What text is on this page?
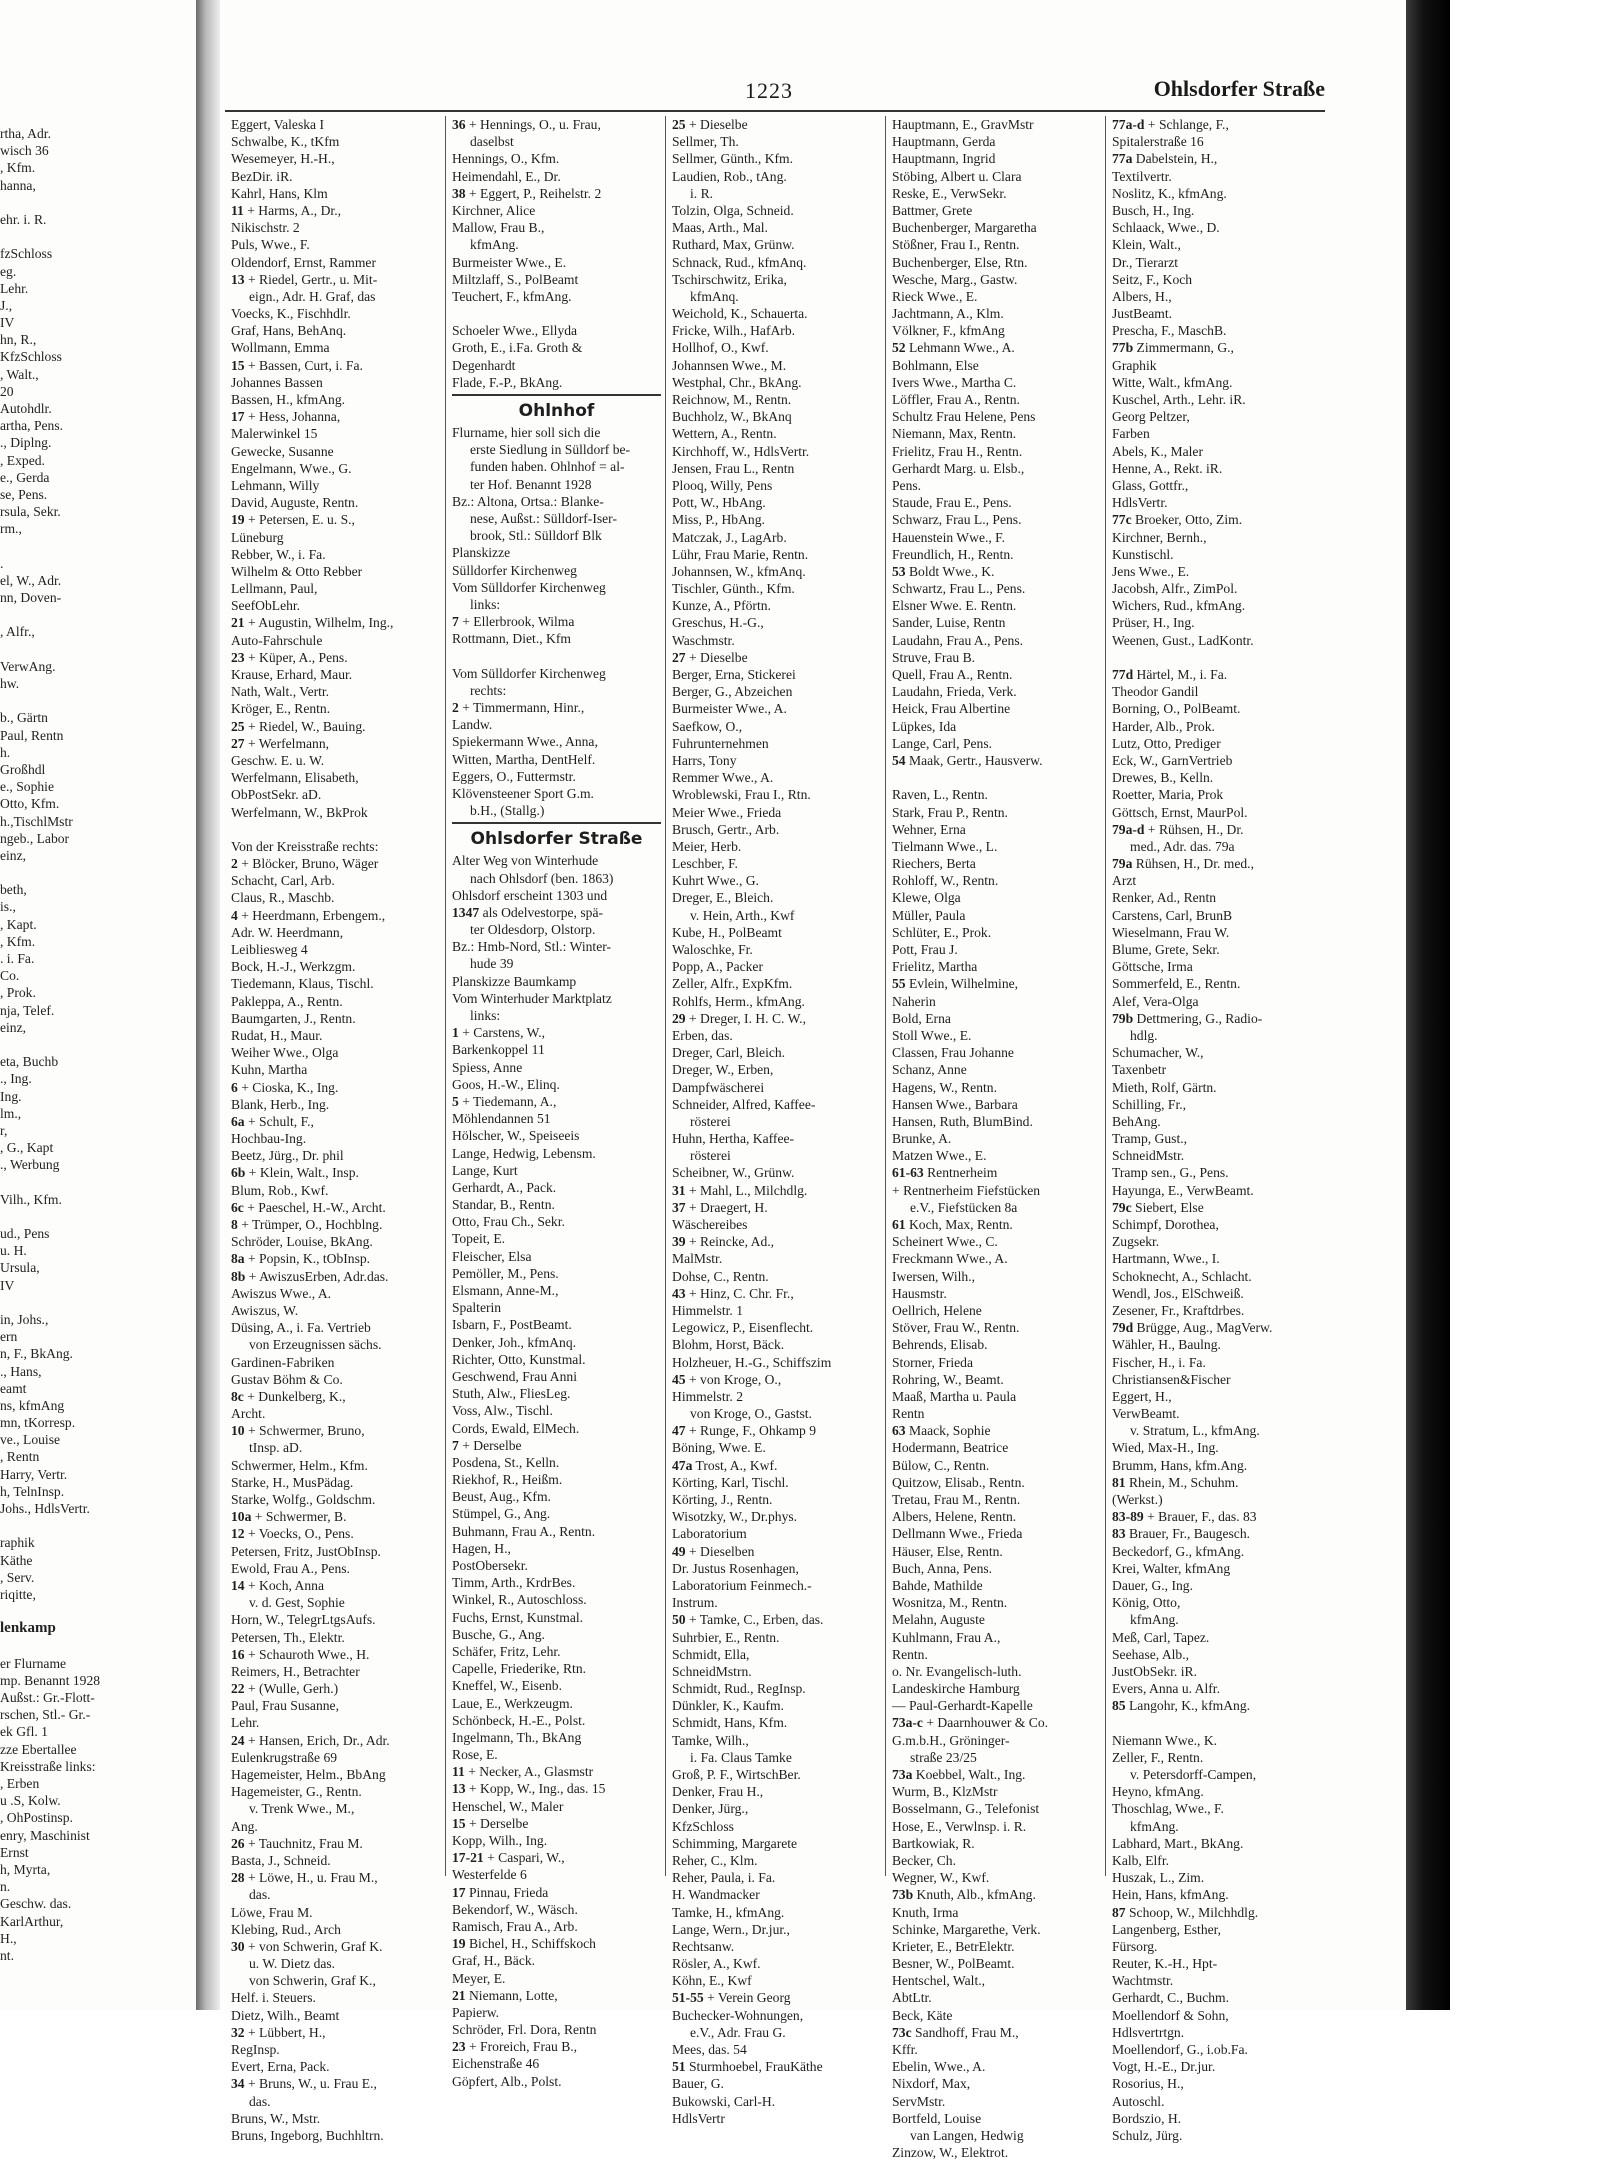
rtha, Adr.
wisch 36
, Kfm.
hanna,
ehr. i. R.
fzSchloss
eg.
Lehr.
J.,
IV
hn, R.,
KfzSchloss
, Walt.,
20
Autohdlr.
artha, Pens.
., Diplng.
, Exped.
e., Gerda
se, Pens.
rsula, Sekr.
rm.,
.
el, W., Adr.
nn, Doven-
, Alfr.,
VerwAng.
hw.
b., Gärtn
Paul, Rentn
h.
Großhdl
e., Sophie
Otto, Kfm.
h.,TischlMstr
ngeb., Labor
einz,
beth,
is.,
, Kapt.
, Kfm.
. i. Fa.
Co.
, Prok.
nja, Telef.
einz,
eta, Buchb
., Ing.
Ing.
lm.,
r,
, G., Kapt
., Werbung
Vilh., Kfm.
ud., Pens
u. H.
Ursula,
IV
in, Johs.,
ern
n, F., BkAng.
., Hans,
eamt
ns, kfmAng
mn, tKorresp.
ve., Louise
, Rentn
Harry, Vertr.
h, TelnInsp.
Johs., HdlsVertr.
raphik
Käthe
, Serv.
riqitte,
lenkamp
er Flurname
mp. Benannt 1928
Außst.: Gr.-Flott-
rschen, Stl.- Gr.-
ek Gfl. 1
zze Ebertallee
Kreisstraße links:
, Erben
u .S, Kolw.
, OhPostinsp.
enry, Maschinist
Ernst
h, Myrta,
n.
Geschw. das.
KarlArthur,
H.,
nt.
1223	Ohlsdorfer Straße
Eggert, Valeska I
Schwalbe, K., tKfm
Wesemeyer, H.-H.,
BezDir. iR.
Kahrl, Hans, Klm
11 + Harms, A., Dr.,
Nikischstr. 2
Puls, Wwe., F.
Oldendorf, Ernst, Rammer
13 + Riedel, Gertr., u. Mit-
eign., Adr. H. Graf, das
Voecks, K., Fischhdlr.
Graf, Hans, BehAnq.
Wollmann, Emma
15 + Bassen, Curt, i. Fa.
Johannes Bassen
Bassen, H., kfmAng.
17 + Hess, Johanna,
Malerwinkel 15
Gewecke, Susanne
Engelmann, Wwe., G.
Lehmann, Willy
David, Auguste, Rentn.
19 + Petersen, E. u. S.,
Lüneburg
Rebber, W., i. Fa.
Wilhelm & Otto Rebber
Lellmann, Paul,
SeefObLehr.
21 + Augustin, Wilhelm, Ing.,
Auto-Fahrschule
23 + Küper, A., Pens.
Krause, Erhard, Maur.
Nath, Walt., Vertr.
Kröger, E., Rentn.
25 + Riedel, W., Bauing.
27 + Werfelmann,
Geschw. E. u. W.
Werfelmann, Elisabeth,
ObPostSekr. aD.
Werfelmann, W., BkProk
Von der Kreisstraße rechts:
2 + Blöcker, Bruno, Wäger
Schacht, Carl, Arb.
Claus, R., Maschb.
4 + Heerdmann, Erbengem.,
Adr. W. Heerdmann,
Leibliesweg 4
Bock, H.-J., Werkzgm.
Tiedemann, Klaus, Tischl.
Pakleppa, A., Rentn.
Baumgarten, J., Rentn.
Rudat, H., Maur.
Weiher Wwe., Olga
Kuhn, Martha
6 + Cioska, K., Ing.
Blank, Herb., Ing.
6a + Schult, F.,
Hochbau-Ing.
Beetz, Jürg., Dr. phil
6b + Klein, Walt., Insp.
Blum, Rob., Kwf.
6c + Paeschel, H.-W., Archt.
8 + Trümper, O., Hochblng.
Schröder, Louise, BkAng.
8a + Popsin, K., tObInsp.
8b + AwiszusErben, Adr.das.
Awiszus Wwe., A.
Awiszus, W.
Düsing, A., i. Fa. Vertrieb
von Erzeugnissen sächs.
Gardinen-Fabriken
Gustav Böhm & Co.
8c + Dunkelberg, K.,
Archt.
10 + Schwermer, Bruno,
tInsp. aD.
Schwermer, Helm., Kfm.
Starke, H., MusPädag.
Starke, Wolfg., Goldschm.
10a + Schwermer, B.
12 + Voecks, O., Pens.
Petersen, Fritz, JustObInsp.
Ewold, Frau A., Pens.
14 + Koch, Anna
v. d. Gest, Sophie
Horn, W., TelegrLtgsAufs.
Petersen, Th., Elektr.
16 + Schauroth Wwe., H.
Reimers, H., Betrachter
22 + (Wulle, Gerh.)
Paul, Frau Susanne,
Lehr.
24 + Hansen, Erich, Dr., Adr.
Eulenkrugstraße 69
Hagemeister, Helm., BbAng
Hagemeister, G., Rentn.
v. Trenk Wwe., M.,
Ang.
26 + Tauchnitz, Frau M.
Basta, J., Schneid.
28 + Löwe, H., u. Frau M.,
das.
Löwe, Frau M.
Klebing, Rud., Arch
30 + von Schwerin, Graf K.
u. W. Dietz das.
von Schwerin, Graf K.,
Helf. i. Steuers.
Dietz, Wilh., Beamt
32 + Lübbert, H.,
RegInsp.
Evert, Erna, Pack.
34 + Bruns, W., u. Frau E.,
das.
Bruns, W., Mstr.
Bruns, Ingeborg, Buchhltrn.
36 + Hennings, O., u. Frau,
daselbst
Hennings, O., Kfm.
Heimendahl, E., Dr.
38 + Eggert, P., Reihelstr. 2
Kirchner, Alice
Mallow, Frau B.,
kfmAng.
Burmeister Wwe., E.
Miltzlaff, S., PolBeamt
Teuchert, F., kfmAng.
Schoeler Wwe., Ellyda
Groth, E., i.Fa. Groth &
Degenhardt
Flade, F.-P., BkAng.
Ohlnhof
Flurname, hier soll sich die
erste Siedlung in Sülldorf be-
funden haben. Ohlnhof = al-
ter Hof. Benannt 1928
Bz.: Altona, Ortsa.: Blanke-
nese, Außst.: Sülldorf-Iser-
brook, Stl.: Sülldorf Blk
Planskizze
Sülldorfer Kirchenweg
Vom Sülldorfer Kirchenweg
links:
7 + Ellerbrook, Wilma
Rottmann, Diet., Kfm
Vom Sülldorfer Kirchenweg
rechts:
2 + Timmermann, Hinr.,
Landw.
Spiekermann Wwe., Anna,
Witten, Martha, DentHelf.
Eggers, O., Futtermstr.
Klövensteener Sport G.m.
b.H., (Stallg.)
Ohlsdorfer Straße
Alter Weg von Winterhude
nach Ohlsdorf (ben. 1863)
Ohlsdorf erscheint 1303 und
1347 als Odelvestorpe, spä-
ter Oldesdorp, Olstorp.
Bz.: Hmb-Nord, Stl.: Winter-
hude 39
Planskizze Baumkamp
Vom Winterhuder Marktplatz
links:
1 + Carstens, W.,
Barkenkoppel 11
Spiess, Anne
Goos, H.-W., Elinq.
5 + Tiedemann, A.,
Möhlendannen 51
Hölscher, W., Speiseeis
Lange, Hedwig, Lebensm.
Lange, Kurt
Gerhardt, A., Pack.
Standar, B., Rentn.
Otto, Frau Ch., Sekr.
Topeit, E.
Fleischer, Elsa
Pemöller, M., Pens.
Elsmann, Anne-M.,
Spalterin
Isbarn, F., PostBeamt.
Denker, Joh., kfmAnq.
Richter, Otto, Kunstmal.
Geschwend, Frau Anni
Stuth, Alw., FliesLeg.
Voss, Alw., Tischl.
Cords, Ewald, ElMech.
7 + Derselbe
Posdena, St., Kelln.
Riekhof, R., Heißm.
Beust, Aug., Kfm.
Stümpel, G., Ang.
Buhmann, Frau A., Rentn.
Hagen, H.,
PostObersekr.
Timm, Arth., KrdrBes.
Winkel, R., Autoschloss.
Fuchs, Ernst, Kunstmal.
Busche, G., Ang.
Schäfer, Fritz, Lehr.
Capelle, Friederike, Rtn.
Kneffel, W., Eisenb.
Laue, E., Werkzeugm.
Schönbeck, H.-E., Polst.
Ingelmann, Th., BkAng
Rose, E.
11 + Necker, A., Glasmstr
13 + Kopp, W., Ing., das. 15
Henschel, W., Maler
15 + Derselbe
Kopp, Wilh., Ing.
17-21 + Caspari, W.,
Westerfelde 6
17 Pinnau, Frieda
Bekendorf, W., Wäsch.
Ramisch, Frau A., Arb.
19 Bichel, H., Schiffskoch
Graf, H., Bäck.
Meyer, E.
21 Niemann, Lotte,
Papierw.
Schröder, Frl. Dora, Rentn
23 + Froreich, Frau B.,
Eichenstraße 46
Göpfert, Alb., Polst.
25 + Dieselbe
Sellmer, Th.
Sellmer, Günth., Kfm.
Laudien, Rob., tAng.
i. R.
Tolzin, Olga, Schneid.
Maas, Arth., Mal.
Ruthard, Max, Grünw.
Schnack, Rud., kfmAnq.
Tschirschwitz, Erika,
kfmAnq.
Weichold, K., Schauerta.
Fricke, Wilh., HafArb.
Hollhof, O., Kwf.
Johannsen Wwe., M.
Westphal, Chr., BkAng.
Reichnow, M., Rentn.
Buchholz, W., BkAnq
Wettern, A., Rentn.
Kirchhoff, W., HdlsVertr.
Jensen, Frau L., Rentn
Plooq, Willy, Pens
Pott, W., HbAng.
Miss, P., HbAng.
Matczak, J., LagArb.
Lühr, Frau Marie, Rentn.
Johannsen, W., kfmAnq.
Tischler, Günth., Kfm.
Kunze, A., Pförtn.
Greschus, H.-G.,
Waschmstr.
27 + Dieselbe
Berger, Erna, Stickerei
Berger, G., Abzeichen
Burmeister Wwe., A.
Saefkow, O.,
Fuhrunternehmen
Harrs, Tony
Remmer Wwe., A.
Wroblewski, Frau I., Rtn.
Meier Wwe., Frieda
Brusch, Gertr., Arb.
Meier, Herb.
Leschber, F.
Kuhrt Wwe., G.
Dreger, E., Bleich.
v. Hein, Arth., Kwf
Kube, H., PolBeamt
Waloschke, Fr.
Popp, A., Packer
Zeller, Alfr., ExpKfm.
Rohlfs, Herm., kfmAng.
29 + Dreger, I. H. C. W.,
Erben, das.
Dreger, Carl, Bleich.
Dreger, W., Erben,
Dampfwäscherei
Schneider, Alfred, Kaffee-
rösterei
Huhn, Hertha, Kaffee-
rösterei
Scheibner, W., Grünw.
31 + Mahl, L., Milchdlg.
37 + Draegert, H.
Wäschereibes
39 + Reincke, Ad.,
MalMstr.
Dohse, C., Rentn.
43 + Hinz, C. Chr. Fr.,
Himmelstr. 1
Legowicz, P., Eisenflecht.
Blohm, Horst, Bäck.
Holzheuer, H.-G., Schiffszim
45 + von Kroge, O.,
Himmelstr. 2
von Kroge, O., Gastst.
47 + Runge, F., Ohkamp 9
Böning, Wwe. E.
47a Trost, A., Kwf.
Körting, Karl, Tischl.
Körting, J., Rentn.
Wisotzky, W., Dr.phys.
Laboratorium
49 + Dieselben
Dr. Justus Rosenhagen,
Laboratorium Feinmech.-
Instrum.
50 + Tamke, C., Erben, das.
Suhrbier, E., Rentn.
Schmidt, Ella,
SchneidMstrn.
Schmidt, Rud., RegInsp.
Dünkler, K., Kaufm.
Schmidt, Hans, Kfm.
Tamke, Wilh.,
i. Fa. Claus Tamke
Groß, P. F., WirtschBer.
Denker, Frau H.,
Denker, Jürg.,
KfzSchloss
Schimming, Margarete
Reher, C., Klm.
Reher, Paula, i. Fa.
H. Wandmacker
Tamke, H., kfmAng.
Lange, Wern., Dr.jur.,
Rechtsanw.
Rösler, A., Kwf.
Köhn, E., Kwf
51-55 + Verein Georg
Buchecker-Wohnungen,
e.V., Adr. Frau G.
Mees, das. 54
51 Sturmhoebel, FrauKäthe
Bauer, G.
Bukowski, Carl-H.
HdlsVertr
Hauptmann, E., GravMstr
Hauptmann, Gerda
Hauptmann, Ingrid
Stöbing, Albert u. Clara
Reske, E., VerwSekr.
Battmer, Grete
Buchenberger, Margaretha
Stößner, Frau I., Rentn.
Buchenberger, Else, Rtn.
Wesche, Marg., Gastw.
Rieck Wwe., E.
Jachtmann, A., Klm.
Völkner, F., kfmAng
52 Lehmann Wwe., A.
Bohlmann, Else
Ivers Wwe., Martha C.
Löffler, Frau A., Rentn.
Schultz Frau Helene, Pens
Niemann, Max, Rentn.
Frielitz, Frau H., Rentn.
Gerhardt Marg. u. Elsb.,
Pens.
Staude, Frau E., Pens.
Schwarz, Frau L., Pens.
Hauenstein Wwe., F.
Freundlich, H., Rentn.
53 Boldt Wwe., K.
Schwartz, Frau L., Pens.
Elsner Wwe. E. Rentn.
Sander, Luise, Rentn
Laudahn, Frau A., Pens.
Struve, Frau B.
Quell, Frau A., Rentn.
Laudahn, Frieda, Verk.
Heick, Frau Albertine
Lüpkes, Ida
Lange, Carl, Pens.
54 Maak, Gertr., Hausverw.
Raven, L., Rentn.
Stark, Frau P., Rentn.
Wehner, Erna
Tielmann Wwe., L.
Riechers, Berta
Rohloff, W., Rentn.
Klewe, Olga
Müller, Paula
Schlüter, E., Prok.
Pott, Frau J.
Frielitz, Martha
55 Evlein, Wilhelmine,
Naherin
Bold, Erna
Stoll Wwe., E.
Classen, Frau Johanne
Schanz, Anne
Hagens, W., Rentn.
Hansen Wwe., Barbara
Hansen, Ruth, BlumBind.
Brunke, A.
Matzen Wwe., E.
61-63 Rentnerheim
+ Rentnerheim Fiefstücken
e.V., Fiefstücken 8a
61 Koch, Max, Rentn.
Scheinert Wwe., C.
Freckmann Wwe., A.
Iwersen, Wilh.,
Hausmstr.
Oellrich, Helene
Stöver, Frau W., Rentn.
Behrends, Elisab.
Storner, Frieda
Rohring, W., Beamt.
Maaß, Martha u. Paula
Rentn
63 Maack, Sophie
Hodermann, Beatrice
Bülow, C., Rentn.
Quitzow, Elisab., Rentn.
Tretau, Frau M., Rentn.
Albers, Helene, Rentn.
Dellmann Wwe., Frieda
Häuser, Else, Rentn.
Buch, Anna, Pens.
Bahde, Mathilde
Wosnitza, M., Rentn.
Melahn, Auguste
Kuhlmann, Frau A.,
Rentn.
o. Nr. Evangelisch-luth.
Landeskirche Hamburg
— Paul-Gerhardt-Kapelle
73a-c + Daarnhouwer & Co.
G.m.b.H., Gröninger-
straße 23/25
73a Koebbel, Walt., Ing.
Wurm, B., KlzMstr
Bosselmann, G., Telefonist
Hose, E., Verwlnsp. i. R.
Bartkowiak, R.
Becker, Ch.
Wegner, W., Kwf.
73b Knuth, Alb., kfmAng.
Knuth, Irma
Schinke, Margarethe, Verk.
Krieter, E., BetrElektr.
Besner, W., PolBeamt.
Hentschel, Walt.,
AbtLtr.
Beck, Käte
73c Sandhoff, Frau M.,
Kffr.
Ebelin, Wwe., A.
Nixdorf, Max,
ServMstr.
Bortfeld, Louise
van Langen, Hedwig
Zinzow, W., Elektrot.
77a-d + Schlange, F.,
Spitalerstraße 16
77a Dabelstein, H.,
Textilvertr.
Noslitz, K., kfmAng.
Busch, H., Ing.
Schlaack, Wwe., D.
Klein, Walt.,
Dr., Tierarzt
Seitz, F., Koch
Albers, H.,
JustBeamt.
Prescha, F., MaschB.
77b Zimmermann, G.,
Graphik
Witte, Walt., kfmAng.
Kuschel, Arth., Lehr. iR.
Georg Peltzer,
Farben
Abels, K., Maler
Henne, A., Rekt. iR.
Glass, Gottfr.,
HdlsVertr.
77c Broeker, Otto, Zim.
Kirchner, Bernh.,
Kunstischl.
Jens Wwe., E.
Jacobsh, Alfr., ZimPol.
Wichers, Rud., kfmAng.
Prüser, H., Ing.
Weenen, Gust., LadKontr.
77d Härtel, M., i. Fa.
Theodor Gandil
Borning, O., PolBeamt.
Harder, Alb., Prok.
Lutz, Otto, Prediger
Eck, W., GarnVertrieb
Drewes, B., Kelln.
Roetter, Maria, Prok
Göttsch, Ernst, MaurPol.
79a-d + Rühsen, H., Dr.
med., Adr. das. 79a
79a Rühsen, H., Dr. med.,
Arzt
Renker, Ad., Rentn
Carstens, Carl, BrunB
Wieselmann, Frau W.
Blume, Grete, Sekr.
Göttsche, Irma
Sommerfeld, E., Rentn.
Alef, Vera-Olga
79b Dettmering, G., Radio-
hdlg.
Schumacher, W.,
Taxenbetr
Mieth, Rolf, Gärtn.
Schilling, Fr.,
BehAng.
Tramp, Gust.,
SchneidMstr.
Tramp sen., G., Pens.
Hayunga, E., VerwBeamt.
79c Siebert, Else
Schimpf, Dorothea,
Zugsekr.
Hartmann, Wwe., I.
Schoknecht, A., Schlacht.
Wendl, Jos., ElSchweiß.
Zesener, Fr., Kraftdrbes.
79d Brügge, Aug., MagVerw.
Wähler, H., Baulng.
Fischer, H., i. Fa.
Christiansen&Fischer
Eggert, H.,
VerwBeamt.
v. Stratum, L., kfmAng.
Wied, Max-H., Ing.
Brumm, Hans, kfm.Ang.
81 Rhein, M., Schuhm.
(Werkst.)
83-89 + Brauer, F., das. 83
83 Brauer, Fr., Baugesch.
Beckedorf, G., kfmAng.
Krei, Walter, kfmAng
Dauer, G., Ing.
König, Otto,
kfmAng.
Meß, Carl, Tapez.
Seehase, Alb.,
JustObSekr. iR.
Evers, Anna u. Alfr.
85 Langohr, K., kfmAng.
Niemann Wwe., K.
Zeller, F., Rentn.
v. Petersdorff-Campen,
Heyno, kfmAng.
Thoschlag, Wwe., F.
kfmAng.
Labhard, Mart., BkAng.
Kalb, Elfr.
Huszak, L., Zim.
Hein, Hans, kfmAng.
87 Schoop, W., Milchhdlg.
Langenberg, Esther,
Fürsorg.
Reuter, K.-H., Hpt-
Wachtmstr.
Gerhardt, C., Buchm.
Moellendorf & Sohn,
Hdlsvertrtgn.
Moellendorf, G., i.ob.Fa.
Vogt, H.-E., Dr.jur.
Rosorius, H.,
Autoschl.
Bordszio, H.
Schulz, Jürg.
